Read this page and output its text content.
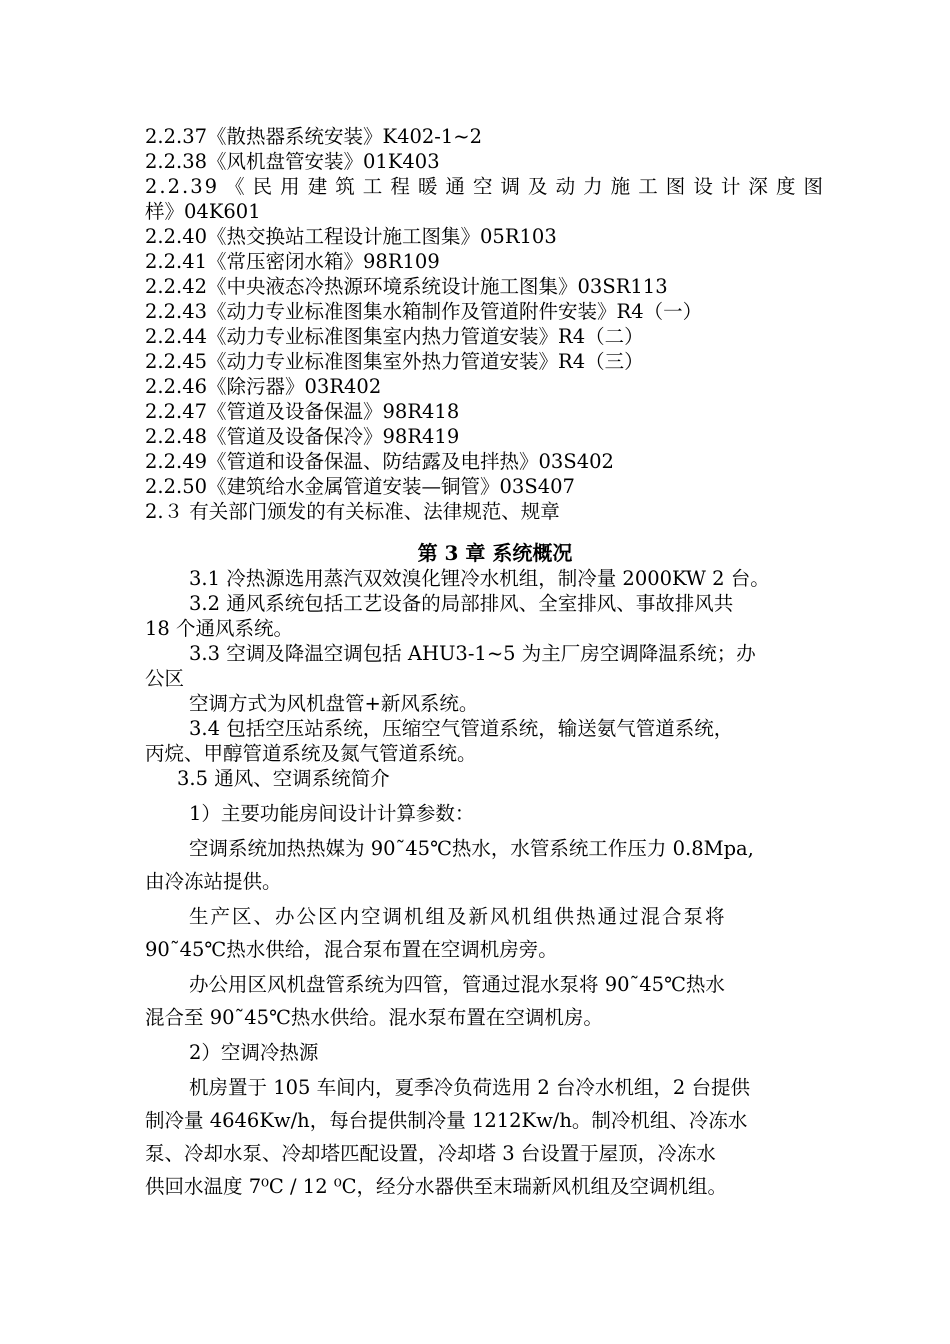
2.2.37《散热器系统安装》K402-1~2
2.2.38《风机盘管安装》01K403
2.2.39《民用建筑工程暖通空调及动力施工图设计深度图
样》04K601
2.2.40《热交换站工程设计施工图集》05R103
2.2.41《常压密闭水箱》98R109
2.2.42《中央液态冷热源环境系统设计施工图集》03SR113
2.2.43《动力专业标准图集水箱制作及管道附件安装》R4（一）
2.2.44《动力专业标准图集室内热力管道安装》R4（二）
2.2.45《动力专业标准图集室外热力管道安装》R4（三）
2.2.46《除污器》03R402
2.2.47《管道及设备保温》98R418
2.2.48《管道及设备保冷》98R419
2.2.49《管道和设备保温、防结露及电拌热》03S402
2.2.50《建筑给水金属管道安装—铜管》03S407
2.３ 有关部门颁发的有关标准、法律规范、规章
第 3 章 系统概况
3.1 冷热源选用蒸汽双效溴化锂冷水机组，制冷量 2000KW 2 台。
3.2 通风系统包括工艺设备的局部排风、全室排风、事故排风共
18 个通风系统。
3.3 空调及降温空调包括 AHU3-1~5 为主厂房空调降温系统；办
公区
空调方式为风机盘管+新风系统。
3.4 包括空压站系统，压缩空气管道系统，输送氨气管道系统，
丙烷、甲醇管道系统及氮气管道系统。
3.5 通风、空调系统简介
1）主要功能房间设计计算参数：
空调系统加热热媒为 90˜45℃热水，水管系统工作压力 0.8Mpa,
由冷冻站提供。
生产区、办公区内空调机组及新风机组供热通过混合泵将
90˜45℃热水供给，混合泵布置在空调机房旁。
办公用区风机盘管系统为四管，管通过混水泵将 90˜45℃热水
混合至 90˜45℃热水供给。混水泵布置在空调机房。
2）空调冷热源
机房置于 105 车间内，夏季冷负荷选用 2 台冷水机组，2 台提供
制冷量 4646Kw/h，每台提供制冷量 1212Kw/h。制冷机组、冷冻水
泵、冷却水泵、冷却塔匹配设置，冷却塔 3 台设置于屋顶，冷冻水
供回水温度 7⁰C / 12 ⁰C，经分水器供至末瑞新风机组及空调机组。
